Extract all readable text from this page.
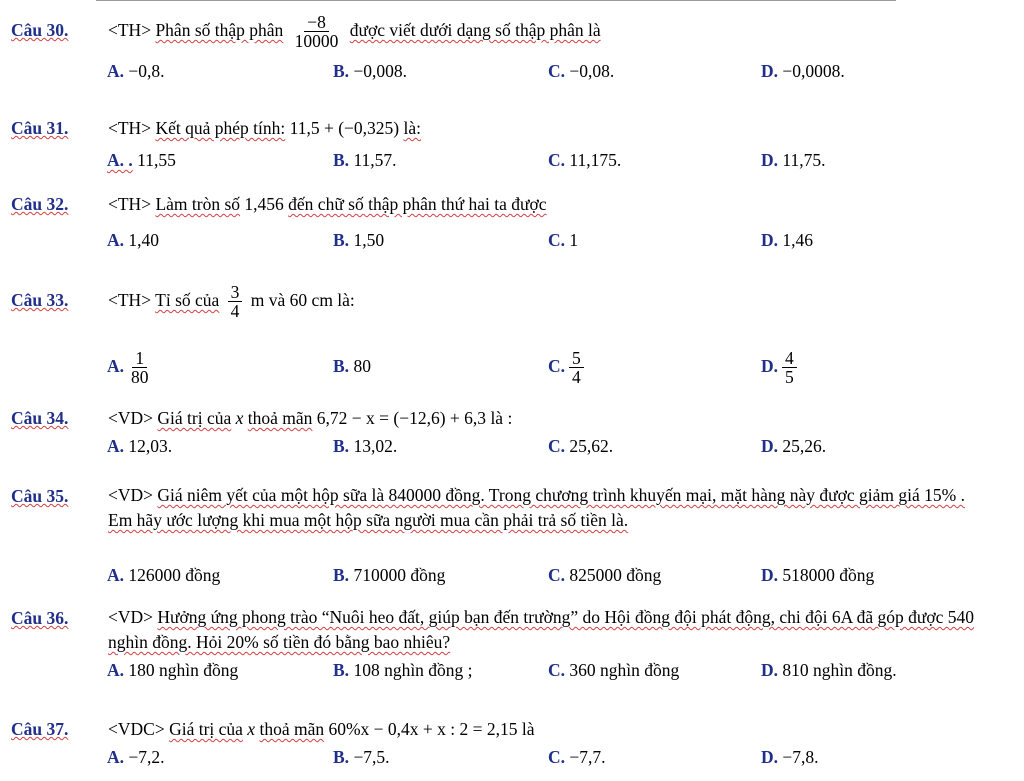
Câu 30. <TH> Phân số thập phân $\frac{-8}{10000}$ được viết dưới dạng số thập phân là
A. −0,8.	B. −0,008.	C. −0,08.	D. −0,0008.
Câu 31. <TH> Kết quả phép tính: 11,5 + (−0,325) là:
A. . 11,55	B. 11,57.	C. 11,175.	D. 11,75.
Câu 32. <TH> Làm tròn số 1,456 đến chữ số thập phân thứ hai ta được
A. 1,40	B. 1,50	C. 1	D. 1,46
Câu 33. <TH> Tỉ số của $\frac{3}{4}$ m và 60 cm là:
A. $\frac{1}{80}$	B. 80	C. $\frac{5}{4}$	D. $\frac{4}{5}$
Câu 34. <VD> Giá trị của x thoả mãn 6,72 − x = (−12,6) + 6,3 là :
A. 12,03.	B. 13,02.	C. 25,62.	D. 25,26.
Câu 35. <VD> Giá niêm yết của một hộp sữa là 840000 đồng. Trong chương trình khuyến mại, mặt hàng này được giảm giá 15% . Em hãy ước lượng khi mua một hộp sữa người mua cần phải trả số tiền là.
A. 126000 đồng	B. 710000 đồng	C. 825000 đồng	D. 518000 đồng
Câu 36. <VD> Hưởng ứng phong trào “Nuôi heo đất, giúp bạn đến trường” do Hội đồng đội phát động, chi đội 6A đã góp được 540 nghìn đồng. Hỏi 20% số tiền đó bằng bao nhiêu?
A. 180 nghìn đồng	B. 108 nghìn đồng ;	C. 360 nghìn đồng	D. 810 nghìn đồng.
Câu 37. <VDC> Giá trị của x thoả mãn 60%x − 0,4x + x : 2 = 2,15 là
A. −7,2.	B. −7,5.	C. −7,7.	D. −7,8.
